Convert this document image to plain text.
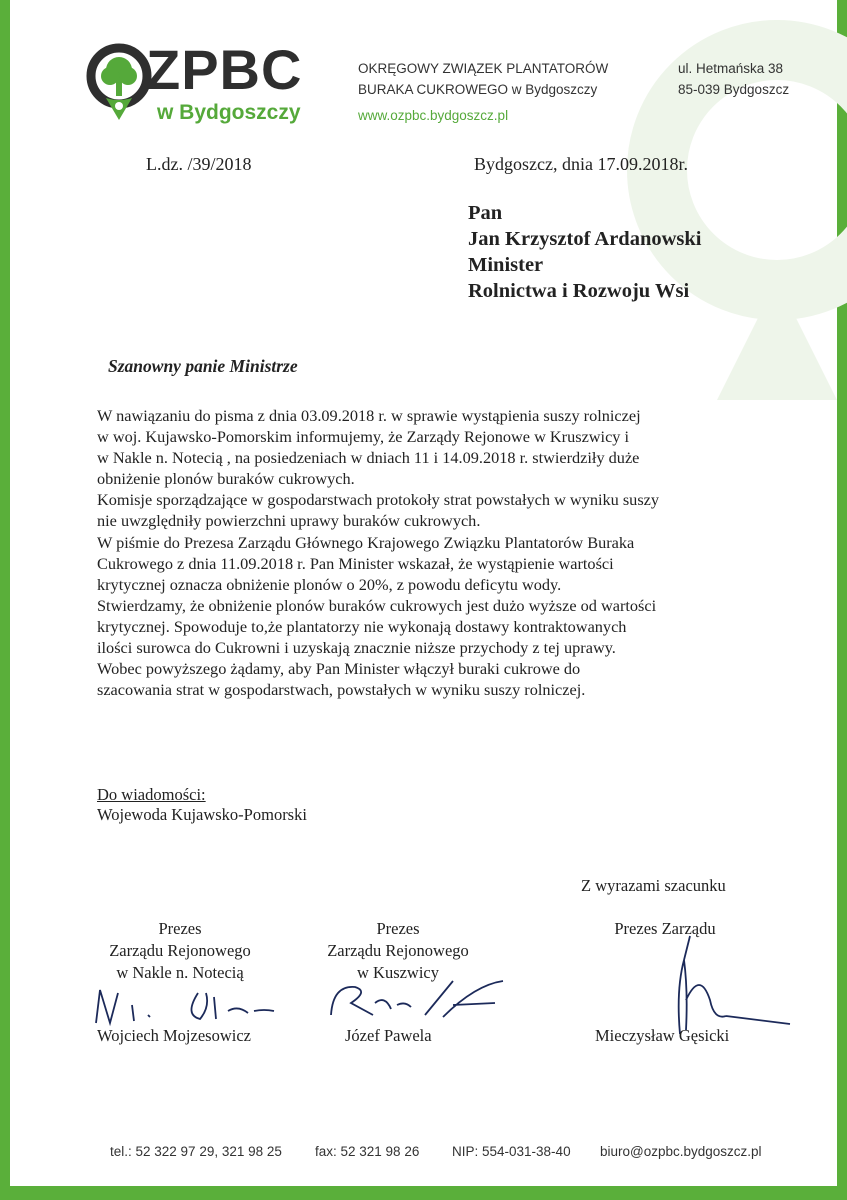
ZPBC
w Bydgoszczy
OKRĘGOWY ZWIĄZEK PLANTATORÓW
BURAKA CUKROWEGO w Bydgoszczy
www.ozpbc.bydgoszcz.pl
ul. Hetmańska 38
85-039 Bydgoszcz
L.dz. /39/2018	Bydgoszcz, dnia 17.09.2018r.
Pan
Jan Krzysztof Ardanowski
Minister
Rolnictwa i Rozwoju Wsi
Szanowny panie Ministrze
W nawiązaniu do pisma z dnia 03.09.2018 r. w sprawie wystąpienia suszy rolniczej
w woj. Kujawsko-Pomorskim informujemy, że Zarządy Rejonowe w Kruszwicy i
w Nakle n. Notecią , na posiedzeniach w dniach 11 i 14.09.2018 r. stwierdziły duże
obniżenie plonów buraków cukrowych.
Komisje sporządzające w gospodarstwach protokoły strat powstałych w wyniku suszy
nie uwzględniły powierzchni uprawy buraków cukrowych.
W piśmie do Prezesa Zarządu Głównego Krajowego Związku Plantatorów Buraka
Cukrowego z dnia 11.09.2018 r. Pan Minister wskazał, że wystąpienie wartości
krytycznej oznacza obniżenie plonów o 20%, z powodu deficytu wody.
Stwierdzamy, że obniżenie plonów buraków cukrowych jest dużo wyższe od wartości
krytycznej. Spowoduje to,że plantatorzy nie wykonają dostawy kontraktowanych
ilości surowca do Cukrowni i uzyskają znacznie niższe przychody z tej uprawy.
Wobec powyższego żądamy, aby Pan Minister włączył buraki cukrowe do
szacowania strat w gospodarstwach, powstałych w wyniku suszy rolniczej.
Do wiadomości:
Wojewoda Kujawsko-Pomorski
Z wyrazami szacunku
Prezes
Zarządu Rejonowego
w Nakle n. Notecią
Wojciech Mojzesowicz
Prezes
Zarządu Rejonowego
w Kuszwicy
Józef Pawela
Prezes Zarządu
Mieczysław Gęsicki
tel.: 52 322 97 29, 321 98 25 fax: 52 321 98 26 NIP: 554-031-38-40 biuro@ozpbc.bydgoszcz.pl
